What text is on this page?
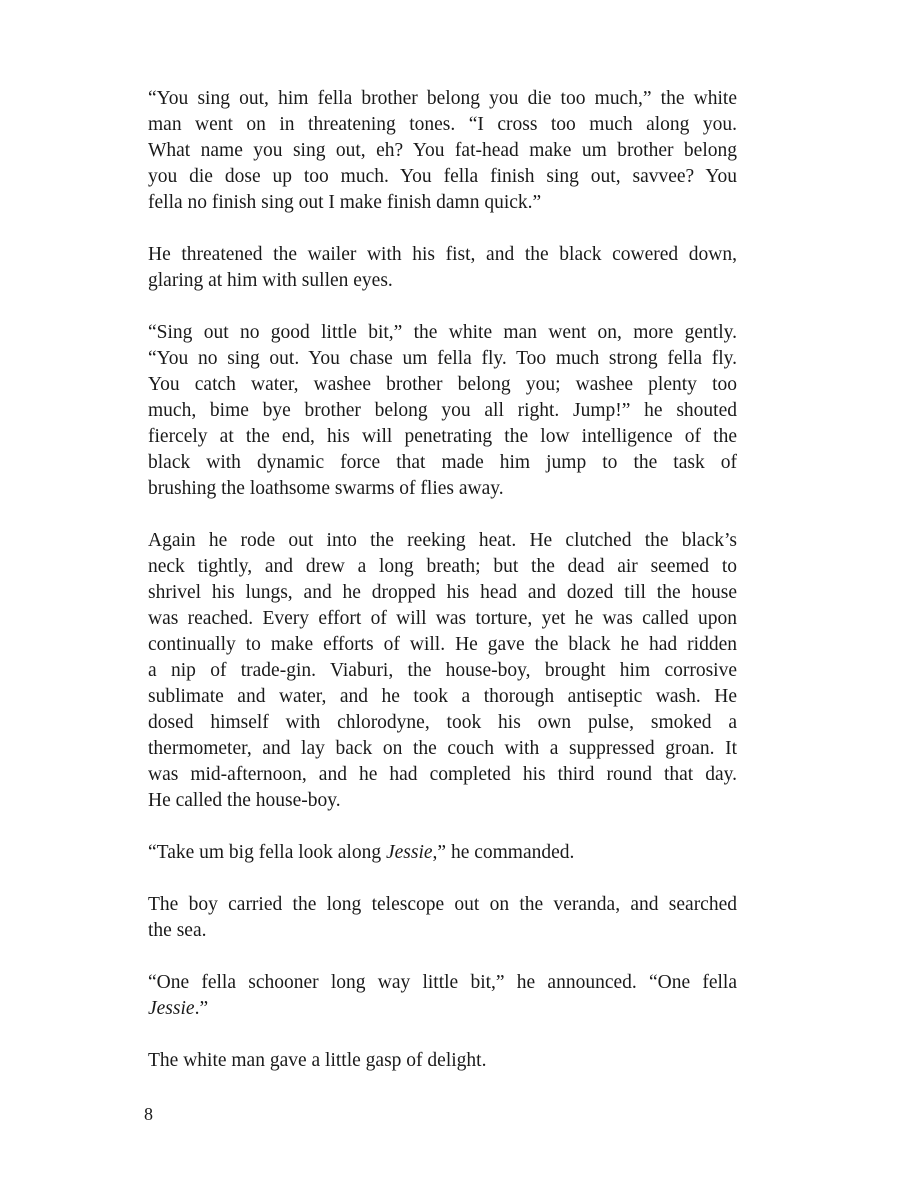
“You sing out, him fella brother belong you die too much,” the white
man went on in threatening tones. “I cross too much along you.
What name you sing out, eh? You fat-head make um brother belong
you die dose up too much. You fella finish sing out, savvee? You
fella no finish sing out I make finish damn quick.”
He threatened the wailer with his fist, and the black cowered down,
glaring at him with sullen eyes.
“Sing out no good little bit,” the white man went on, more gently.
“You no sing out. You chase um fella fly. Too much strong fella fly.
You catch water, washee brother belong you; washee plenty too
much, bime bye brother belong you all right. Jump!” he shouted
fiercely at the end, his will penetrating the low intelligence of the
black with dynamic force that made him jump to the task of
brushing the loathsome swarms of flies away.
Again he rode out into the reeking heat. He clutched the black’s
neck tightly, and drew a long breath; but the dead air seemed to
shrivel his lungs, and he dropped his head and dozed till the house
was reached. Every effort of will was torture, yet he was called upon
continually to make efforts of will. He gave the black he had ridden
a nip of trade-gin. Viaburi, the house-boy, brought him corrosive
sublimate and water, and he took a thorough antiseptic wash. He
dosed himself with chlorodyne, took his own pulse, smoked a
thermometer, and lay back on the couch with a suppressed groan. It
was mid-afternoon, and he had completed his third round that day.
He called the house-boy.
“Take um big fella look along Jessie,” he commanded.
The boy carried the long telescope out on the veranda, and searched
the sea.
“One fella schooner long way little bit,” he announced. “One fella
Jessie.”
The white man gave a little gasp of delight.
8
